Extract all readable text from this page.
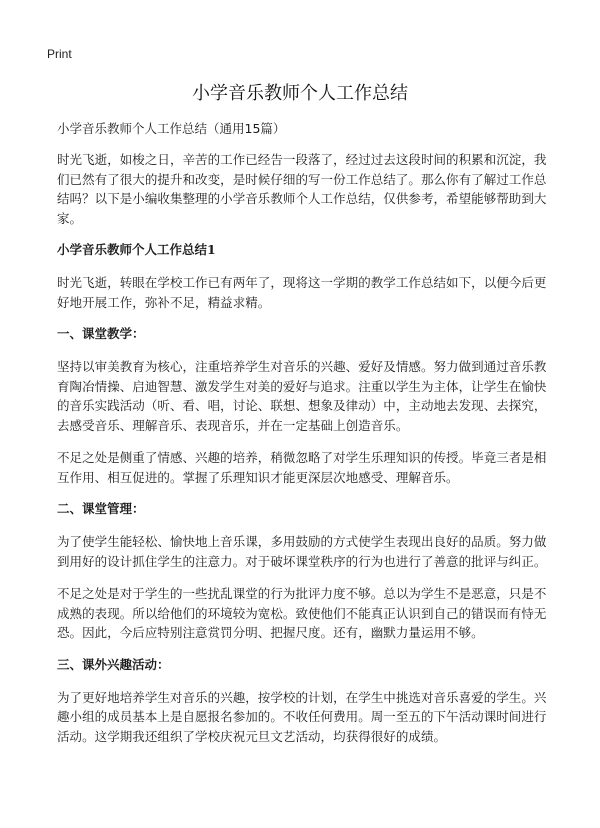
Print
小学音乐教师个人工作总结
小学音乐教师个人工作总结（通用15篇）

时光飞逝，如梭之日，辛苦的工作已经告一段落了，经过过去这段时间的积累和沉淀，我们已然有了很大的提升和改变，是时候仔细的写一份工作总结了。那么你有了解过工作总结吗？以下是小编收集整理的小学音乐教师个人工作总结，仅供参考，希望能够帮助到大家。

小学音乐教师个人工作总结1

时光飞逝，转眼在学校工作已有两年了，现将这一学期的教学工作总结如下，以便今后更好地开展工作，弥补不足，精益求精。

一、课堂教学：

坚持以审美教育为核心，注重培养学生对音乐的兴趣、爱好及情感。努力做到通过音乐教育陶冶情操、启迪智慧、激发学生对美的爱好与追求。注重以学生为主体，让学生在愉快的音乐实践活动（听、看、唱，讨论、联想、想象及律动）中，主动地去发现、去探究，去感受音乐、理解音乐、表现音乐，并在一定基础上创造音乐。

不足之处是侧重了情感、兴趣的培养，稍微忽略了对学生乐理知识的传授。毕竟三者是相互作用、相互促进的。掌握了乐理知识才能更深层次地感受、理解音乐。

二、课堂管理：

为了使学生能轻松、愉快地上音乐课，多用鼓励的方式使学生表现出良好的品质。努力做到用好的设计抓住学生的注意力。对于破坏课堂秩序的行为也进行了善意的批评与纠正。

不足之处是对于学生的一些扰乱课堂的行为批评力度不够。总以为学生不是恶意，只是不成熟的表现。所以给他们的环境较为宽松。致使他们不能真正认识到自己的错误而有恃无恐。因此，今后应特别注意赏罚分明、把握尺度。还有，幽默力量运用不够。

三、课外兴趣活动：

为了更好地培养学生对音乐的兴趣，按学校的计划，在学生中挑选对音乐喜爱的学生。兴趣小组的成员基本上是自愿报名参加的。不收任何费用。周一至五的下午活动课时间进行活动。这学期我还组织了学校庆祝元旦文艺活动，均获得很好的成绩。
